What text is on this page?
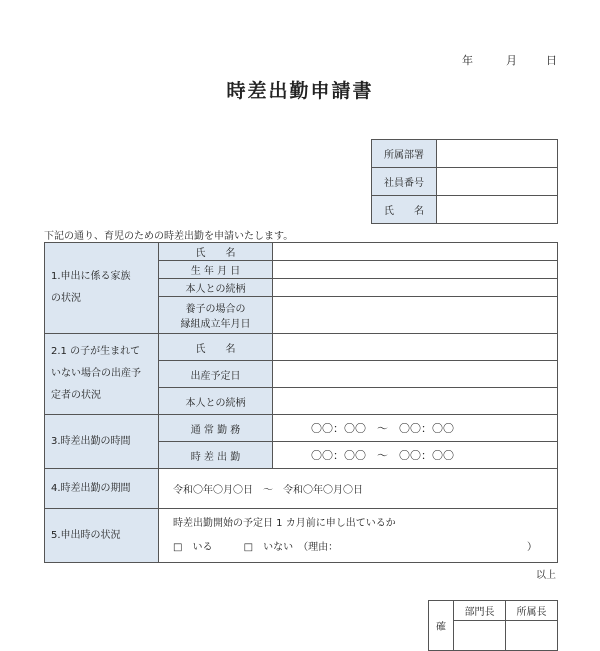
年	月	日
時差出勤申請書
所属部署	
社員番号	
氏　　名	
下記の通り、育児のための時差出勤を申請いたします。
1.申出に係る家族
の状況	氏　　名	
	生 年 月 日	
	本人との続柄	

	養子の場合の
縁組成立年月日	

2.1 の子が生まれて
いない場合の出産予
定者の状況	氏　　名	
	出産予定日	
	本人との続柄	

3.時差出勤の時間	通 常 勤 務	〇〇：〇〇　～　〇〇：〇〇
	時 差 出 勤	〇〇：〇〇　～　〇〇：〇〇

4.時差出勤の期間	令和〇年〇月〇日　～　令和〇年〇月〇日	

5.申出時の状況	時差出勤開始の予定日 1 カ月前に申し出ているか
□　いる □　いない　（理由： ）	
以上
確	部門長	所属長
